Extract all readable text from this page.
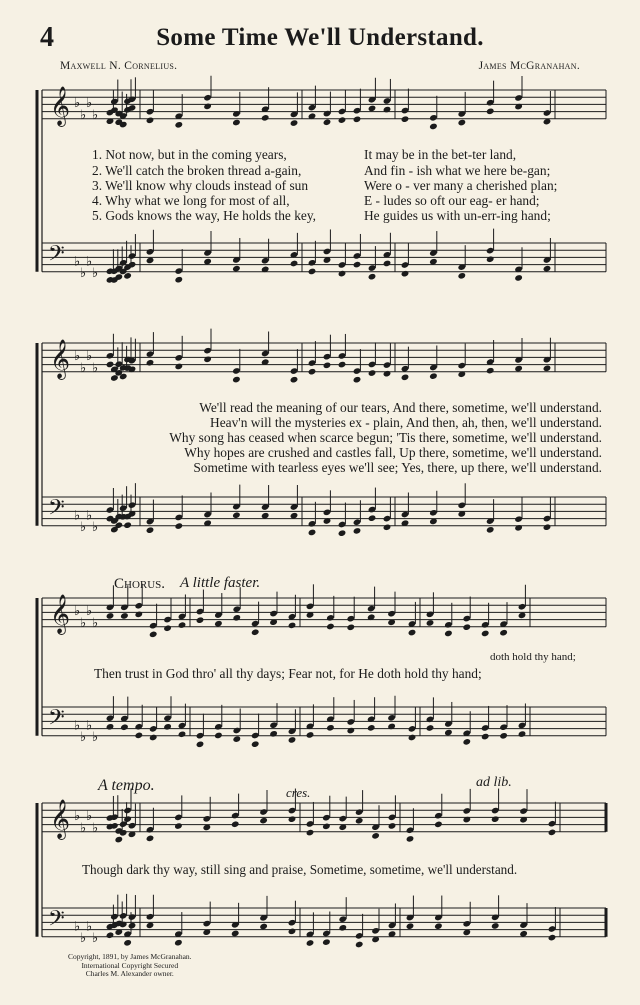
4	Some Time We'll Understand.
Maxwell N. Cornelius.	James McGranahan.
𝄞
𝄢
♭
♭
♭
♭
♭
♭
♭
♭
𝄞
𝄢
♭
♭
♭
♭
♭
♭
♭
♭
𝄞
𝄢
♭
♭
♭
♭
♭
♭
♭
♭
𝄞
𝄢
♭
♭
♭
♭
♭
♭
♭
♭
1. Not now, but in the coming years,	It may be in the bet-ter land,
2. We'll catch the broken thread a-gain,	And fin - ish what we here be-gan;
3. We'll know why clouds instead of sun	Were o - ver many a cherished plan;
4. Why what we long for most of all,	E - ludes so oft our eag- er hand;
5. Gods knows the way, He holds the key,	He guides us with un-err-ing hand;
We'll read the meaning of our tears, And there, sometime, we'll understand.
Heav'n will the mysteries ex - plain, And then, ah, then, we'll understand.
Why song has ceased when scarce begun; 'Tis there, sometime, we'll understand.
Why hopes are crushed and castles fall, Up there, sometime, we'll understand.
Sometime with tearless eyes we'll see; Yes, there, up there, we'll understand.
Chorus. A little faster.
doth hold thy hand;
Then trust in God thro' all thy days; Fear not, for He doth hold thy hand;
A tempo.	cres.
ad lib.
Though dark thy way, still sing and praise, Sometime, sometime, we'll understand.
Copyright, 1891, by James McGranahan.
International Copyright Secured
Charles M. Alexander owner.
